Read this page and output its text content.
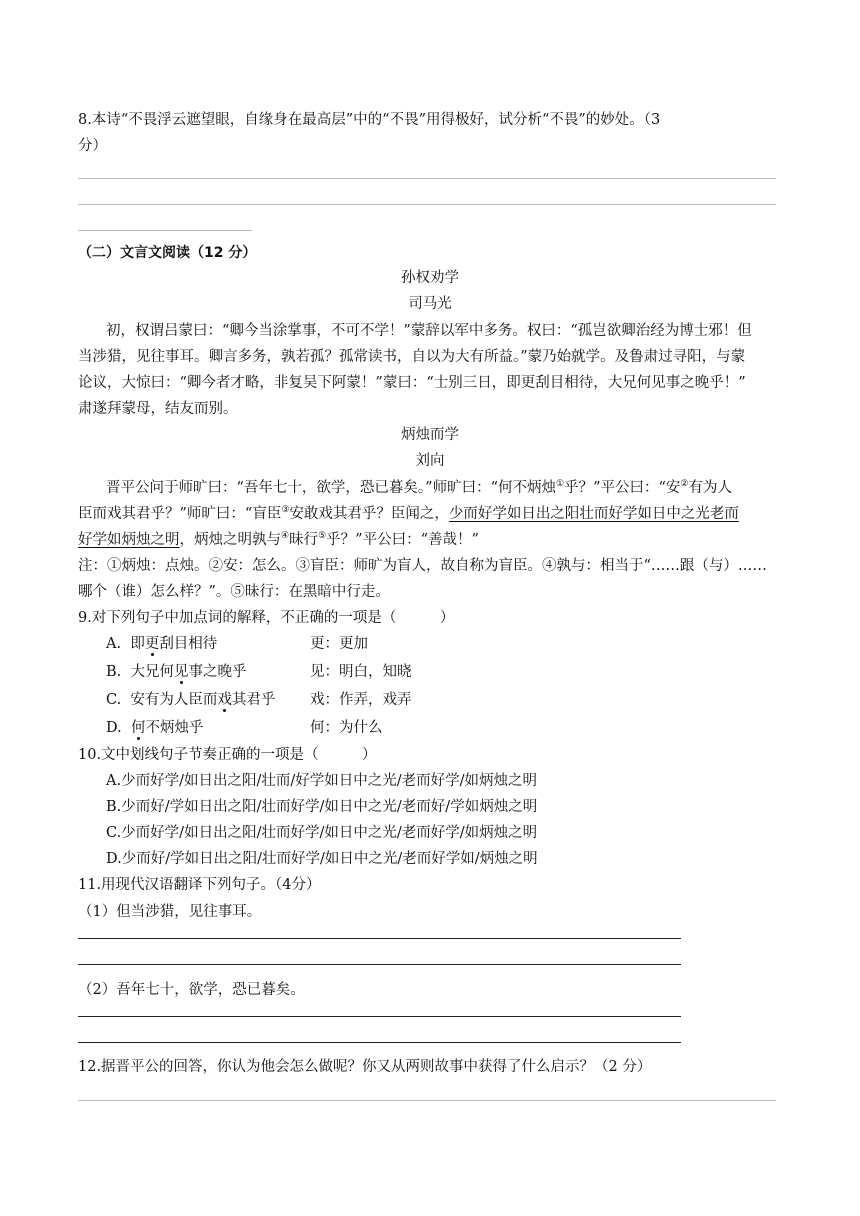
8.本诗“不畏浮云遮望眼，自缘身在最高层”中的“不畏”用得极好，试分析“不畏”的妙处。（3
分）
（二）文言文阅读（12 分）
孙权劝学
司马光
初，权谓吕蒙曰：“卿今当涂掌事，不可不学！”蒙辞以军中多务。权曰：“孤岂欲卿治经为博士邪！但
当涉猎，见往事耳。卿言多务，孰若孤？孤常读书，自以为大有所益。”蒙乃始就学。及鲁肃过寻阳，与蒙
论议，大惊曰：“卿今者才略，非复吴下阿蒙！”蒙曰：“士别三日，即更刮目相待，大兄何见事之晚乎！”
肃遂拜蒙母，结友而别。
炳烛而学
刘向
晋平公问于师旷曰：“吾年七十，欲学，恐已暮矣。”师旷曰：“何不炳烛①乎？”平公曰：“安②有为人
臣而戏其君乎？”师旷曰：“盲臣③安敢戏其君乎？臣闻之，少而好学如日出之阳壮而好学如日中之光老而
好学如炳烛之明，炳烛之明孰与④昧行⑤乎？”平公曰：“善哉！”
注：①炳烛：点烛。②安：怎么。③盲臣：师旷为盲人，故自称为盲臣。④孰与：相当于“……跟（与）……
哪个（谁）怎么样？”。⑤昧行：在黑暗中行走。
9.对下列句子中加点词的解释，不正确的一项是（　　　）
A. 即更刮目相待	更：更加
B. 大兄何见事之晚乎	见：明白，知晓
C. 安有为人臣而戏其君乎 戏：作弄，戏弄
D. 何不炳烛乎	何：为什么
10.文中划线句子节奏正确的一项是（　　　）
A.少而好学/如日出之阳/壮而/好学如日中之光/老而好学/如炳烛之明
B.少而好/学如日出之阳/壮而好学/如日中之光/老而好/学如炳烛之明
C.少而好学/如日出之阳/壮而好学/如日中之光/老而好学/如炳烛之明
D.少而好/学如日出之阳/壮而好学/如日中之光/老而好学如/炳烛之明
11.用现代汉语翻译下列句子。（4分）
（1）但当涉猎，见往事耳。
（2）吾年七十，欲学，恐已暮矣。
12.据晋平公的回答，你认为他会怎么做呢？你又从两则故事中获得了什么启示？（2 分）
